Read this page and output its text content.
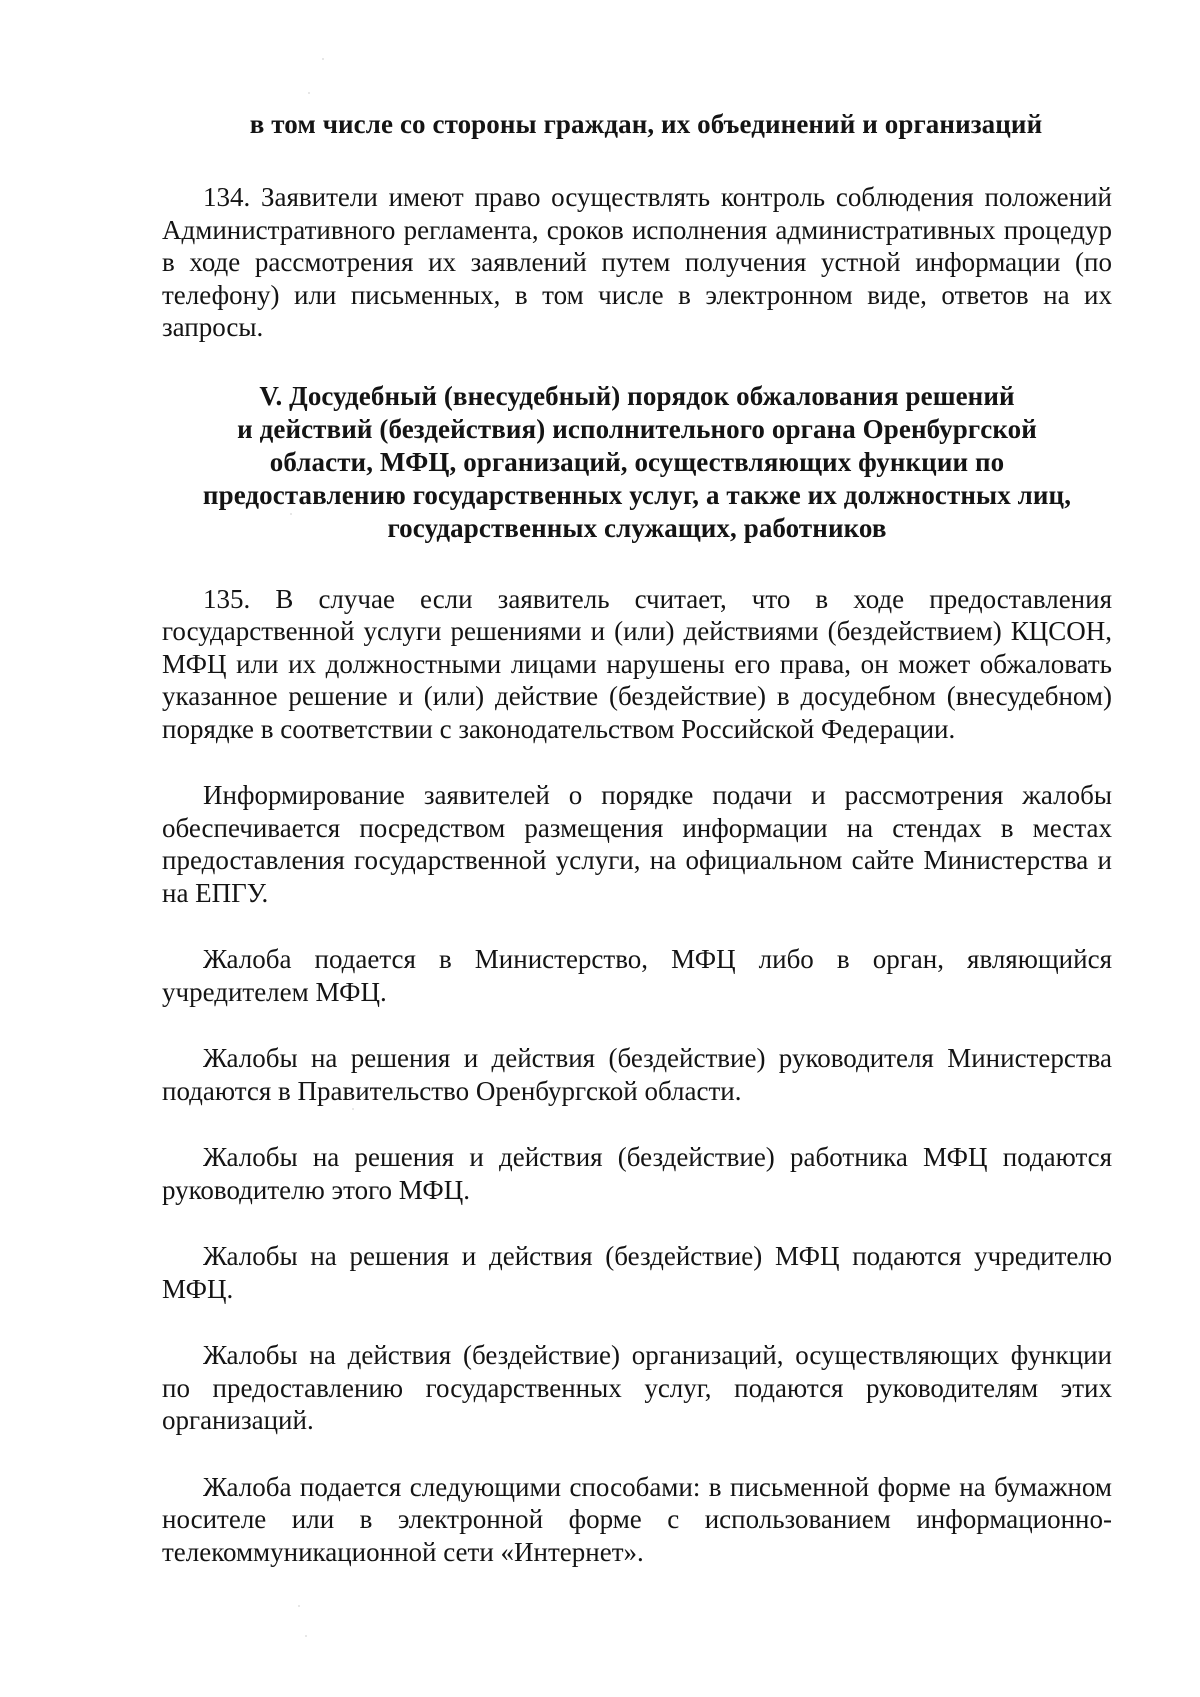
в том числе со стороны граждан, их объединений и организаций

134. Заявители имеют право осуществлять контроль соблюдения положений Административного регламента, сроков исполнения административных процедур в ходе рассмотрения их заявлений путем получения устной информации (по телефону) или письменных, в том числе в электронном виде, ответов на их запросы.

V. Досудебный (внесудебный) порядок обжалования решений
и действий (бездействия) исполнительного органа Оренбургской
области, МФЦ, организаций, осуществляющих функции по
предоставлению государственных услуг, а также их должностных лиц,
государственных служащих, работников

135. В случае если заявитель считает, что в ходе предоставления государственной услуги решениями и (или) действиями (бездействием) КЦСОН, МФЦ или их должностными лицами нарушены его права, он может обжаловать указанное решение и (или) действие (бездействие) в досудебном (внесудебном) порядке в соответствии с законодательством Российской Федерации.

Информирование заявителей о порядке подачи и рассмотрения жалобы обеспечивается посредством размещения информации на стендах в местах предоставления государственной услуги, на официальном сайте Министерства и на ЕПГУ.

Жалоба подается в Министерство, МФЦ либо в орган, являющийся учредителем МФЦ.

Жалобы на решения и действия (бездействие) руководителя Министерства подаются в Правительство Оренбургской области.

Жалобы на решения и действия (бездействие) работника МФЦ подаются руководителю этого МФЦ.

Жалобы на решения и действия (бездействие) МФЦ подаются учредителю МФЦ.

Жалобы на действия (бездействие) организаций, осуществляющих функции по предоставлению государственных услуг, подаются руководителям этих организаций.

Жалоба подается следующими способами: в письменной форме на бумажном носителе или в электронной форме с использованием информационно-телекоммуникационной сети «Интернет».
